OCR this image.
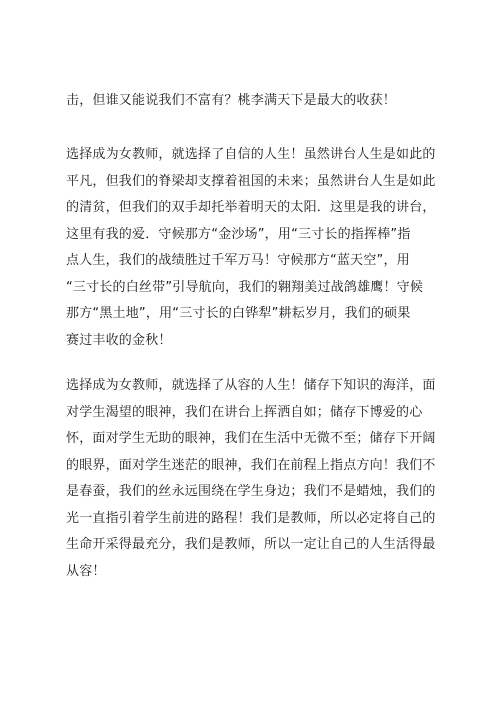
击，但谁又能说我们不富有？桃李满天下是最大的收获！
选择成为女教师，就选择了自信的人生！虽然讲台人生是如此的
平凡，但我们的脊梁却支撑着祖国的未来；虽然讲台人生是如此
的清贫，但我们的双手却托举着明天的太阳．这里是我的讲台，
这里有我的爱．守候那方“金沙场”，用“三寸长的指挥棒”指
点人生，我们的战绩胜过千军万马！守候那方“蓝天空”，用
“三寸长的白丝带”引导航向，我们的翱翔美过战鸽雄鹰！守候
那方“黑土地”，用“三寸长的白铧犁”耕耘岁月，我们的硕果
赛过丰收的金秋！
选择成为女教师，就选择了从容的人生！储存下知识的海洋，面
对学生渴望的眼神，我们在讲台上挥洒自如；储存下博爱的心
怀，面对学生无助的眼神，我们在生活中无微不至；储存下开阔
的眼界，面对学生迷茫的眼神，我们在前程上指点方向！我们不
是春蚕，我们的丝永远围绕在学生身边；我们不是蜡烛，我们的
光一直指引着学生前进的路程！我们是教师，所以必定将自己的
生命开采得最充分，我们是教师，所以一定让自己的人生活得最
从容！
